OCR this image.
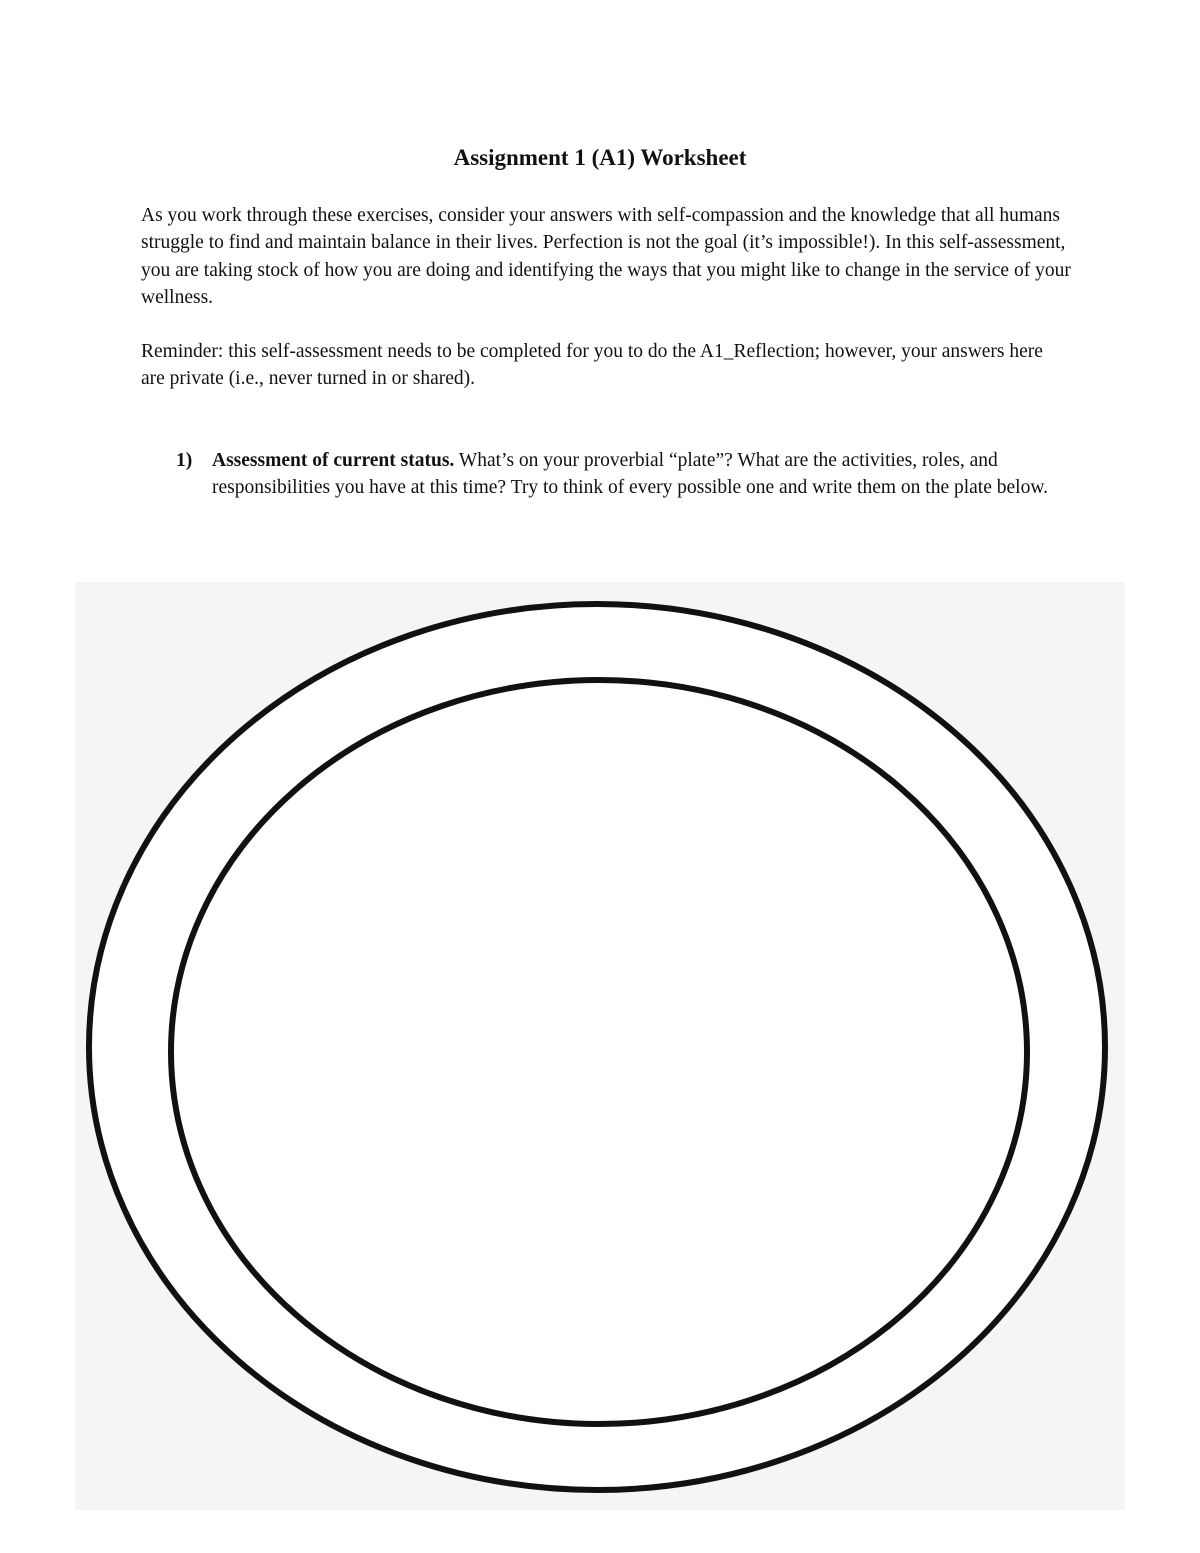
Assignment 1 (A1) Worksheet

As you work through these exercises, consider your answers with self-compassion and the knowledge that all humans struggle to find and maintain balance in their lives. Perfection is not the goal (it’s impossible!). In this self-assessment, you are taking stock of how you are doing and identifying the ways that you might like to change in the service of your wellness.

Reminder: this self-assessment needs to be completed for you to do the A1_Reflection; however, your answers here are private (i.e., never turned in or shared).

1) Assessment of current status. What’s on your proverbial “plate”? What are the activities, roles, and responsibilities you have at this time? Try to think of every possible one and write them on the plate below.
